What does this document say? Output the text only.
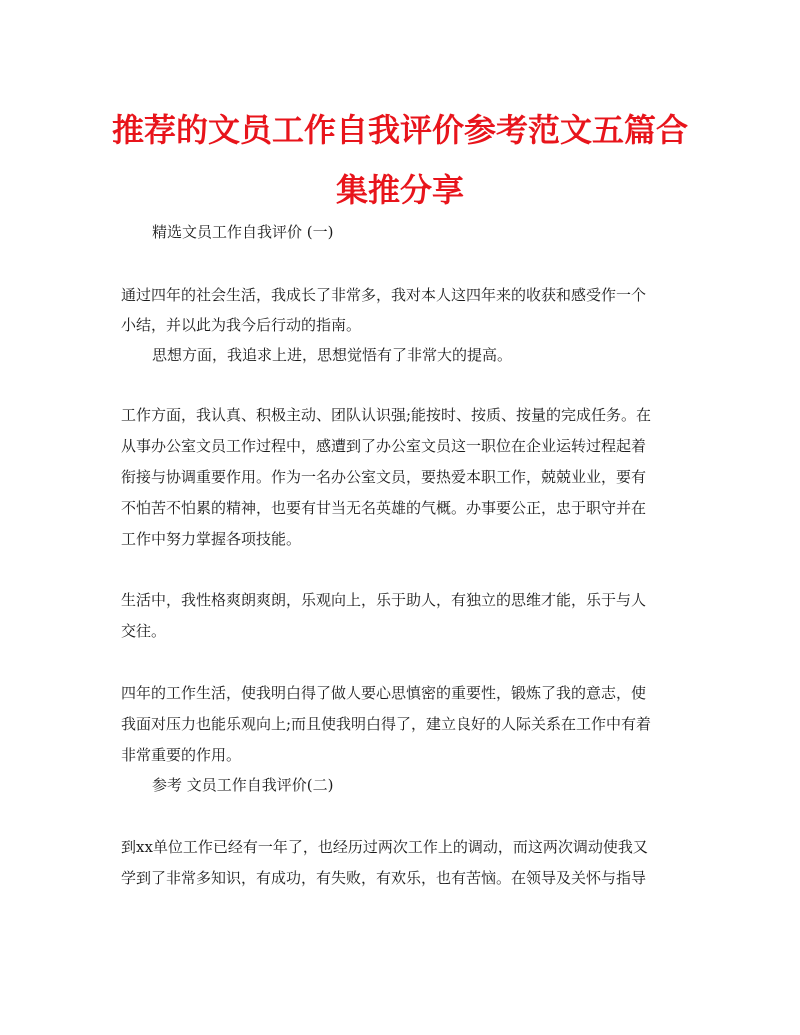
推荐的文员工作自我评价参考范文五篇合
集推分享
精选文员工作自我评价 (一)
通过四年的社会生活，我成长了非常多，我对本人这四年来的收获和感受作一个
小结，并以此为我今后行动的指南。
思想方面，我追求上进，思想觉悟有了非常大的提高。
工作方面，我认真、积极主动、团队认识强;能按时、按质、按量的完成任务。在
从事办公室文员工作过程中，感遭到了办公室文员这一职位在企业运转过程起着
衔接与协调重要作用。作为一名办公室文员，要热爱本职工作，兢兢业业，要有
不怕苦不怕累的精神，也要有甘当无名英雄的气概。办事要公正，忠于职守并在
工作中努力掌握各项技能。
生活中，我性格爽朗爽朗，乐观向上，乐于助人，有独立的思维才能，乐于与人
交往。
四年的工作生活，使我明白得了做人要心思慎密的重要性，锻炼了我的意志，使
我面对压力也能乐观向上;而且使我明白得了，建立良好的人际关系在工作中有着
非常重要的作用。
参考 文员工作自我评价(二)
到xx单位工作已经有一年了，也经历过两次工作上的调动，而这两次调动使我又
学到了非常多知识，有成功，有失败，有欢乐，也有苦恼。在领导及关怀与指导
